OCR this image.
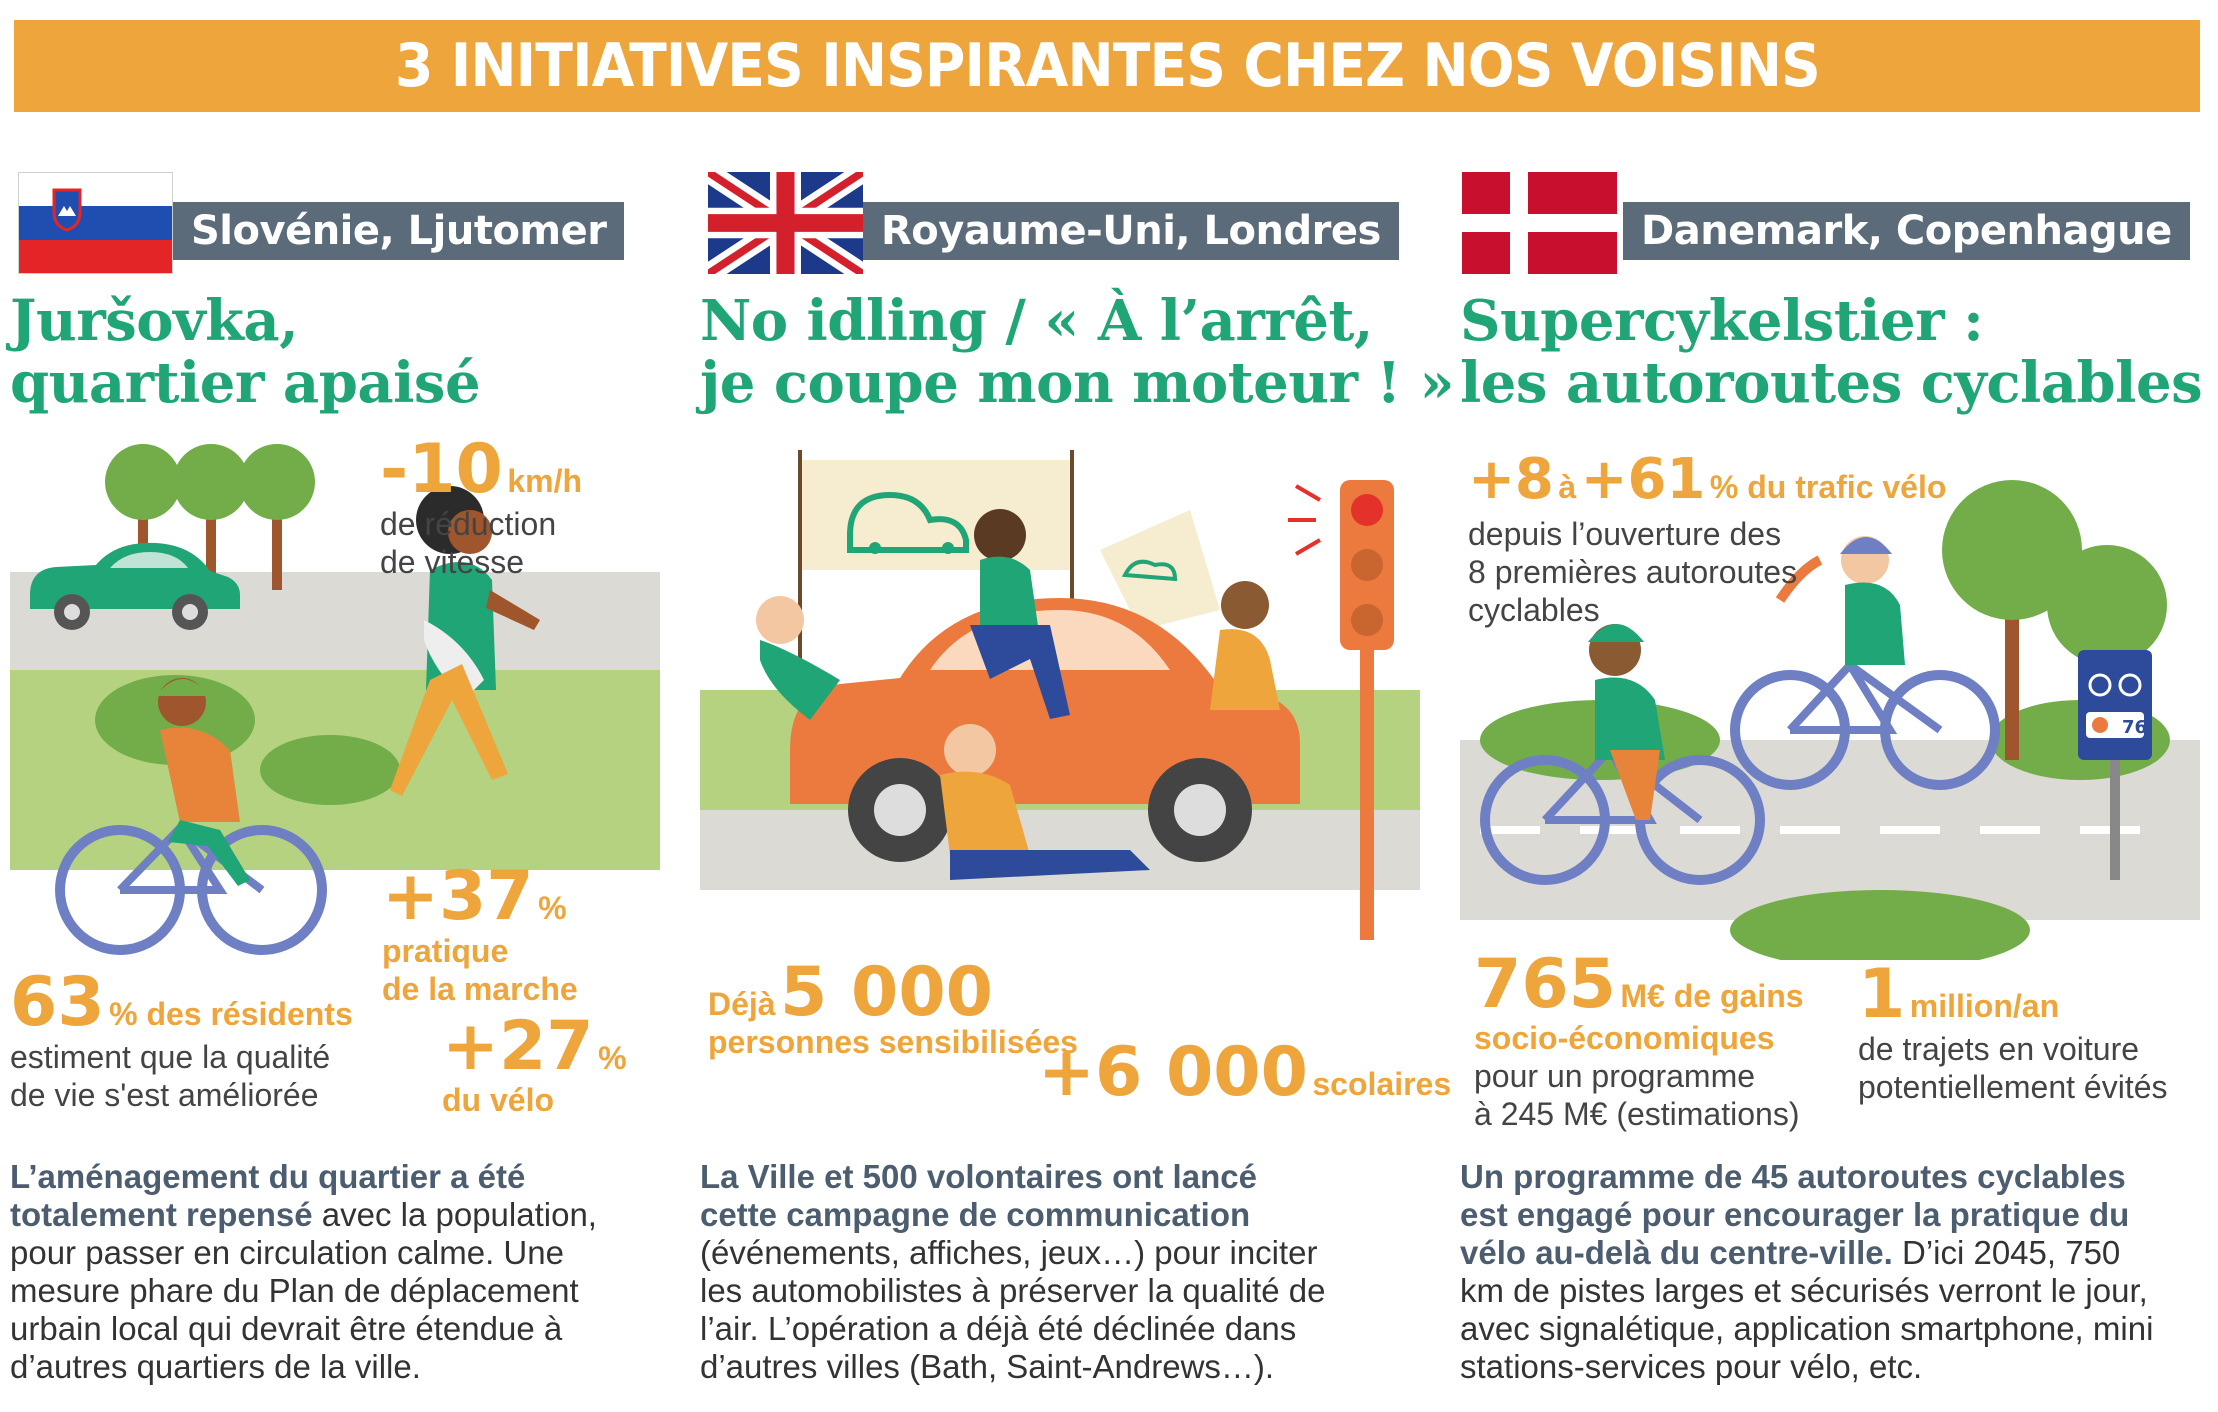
3 INITIATIVES INSPIRANTES CHEZ NOS VOISINS
Slovénie, Ljutomer
Juršovka,
quartier apaisé
-10 km/h
de réduction
de vitesse
+37 %
pratique
de la marche
63 % des résidents
estiment que la qualité
de vie s'est améliorée
+27 %
du vélo
L’aménagement du quartier a été totalement repensé avec la population, pour passer en circulation calme. Une mesure phare du Plan de déplacement urbain local qui devrait être étendue à d’autres quartiers de la ville.
Royaume-Uni, Londres
No idling / « À l’arrêt,
je coupe mon moteur ! »
Déjà 5 000
personnes sensibilisées
+6 000 scolaires
La Ville et 500 volontaires ont lancé cette campagne de communication (événements, affiches, jeux…) pour inciter les automobilistes à préserver la qualité de l’air. L’opération a déjà été déclinée dans d’autres villes (Bath, Saint-Andrews…).
Danemark, Copenhague
Supercykelstier :
les autoroutes cyclables
76
+8 à +61 % du trafic vélo
depuis l’ouverture des
8 premières autoroutes
cyclables
765 M€ de gains
socio-économiques
pour un programme
à 245 M€ (estimations)
1 million/an
de trajets en voiture
potentiellement évités
Un programme de 45 autoroutes cyclables est engagé pour encourager la pratique du vélo au-delà du centre-ville. D’ici 2045, 750 km de pistes larges et sécurisés verront le jour, avec signalétique, application smartphone, mini stations-services pour vélo, etc.
